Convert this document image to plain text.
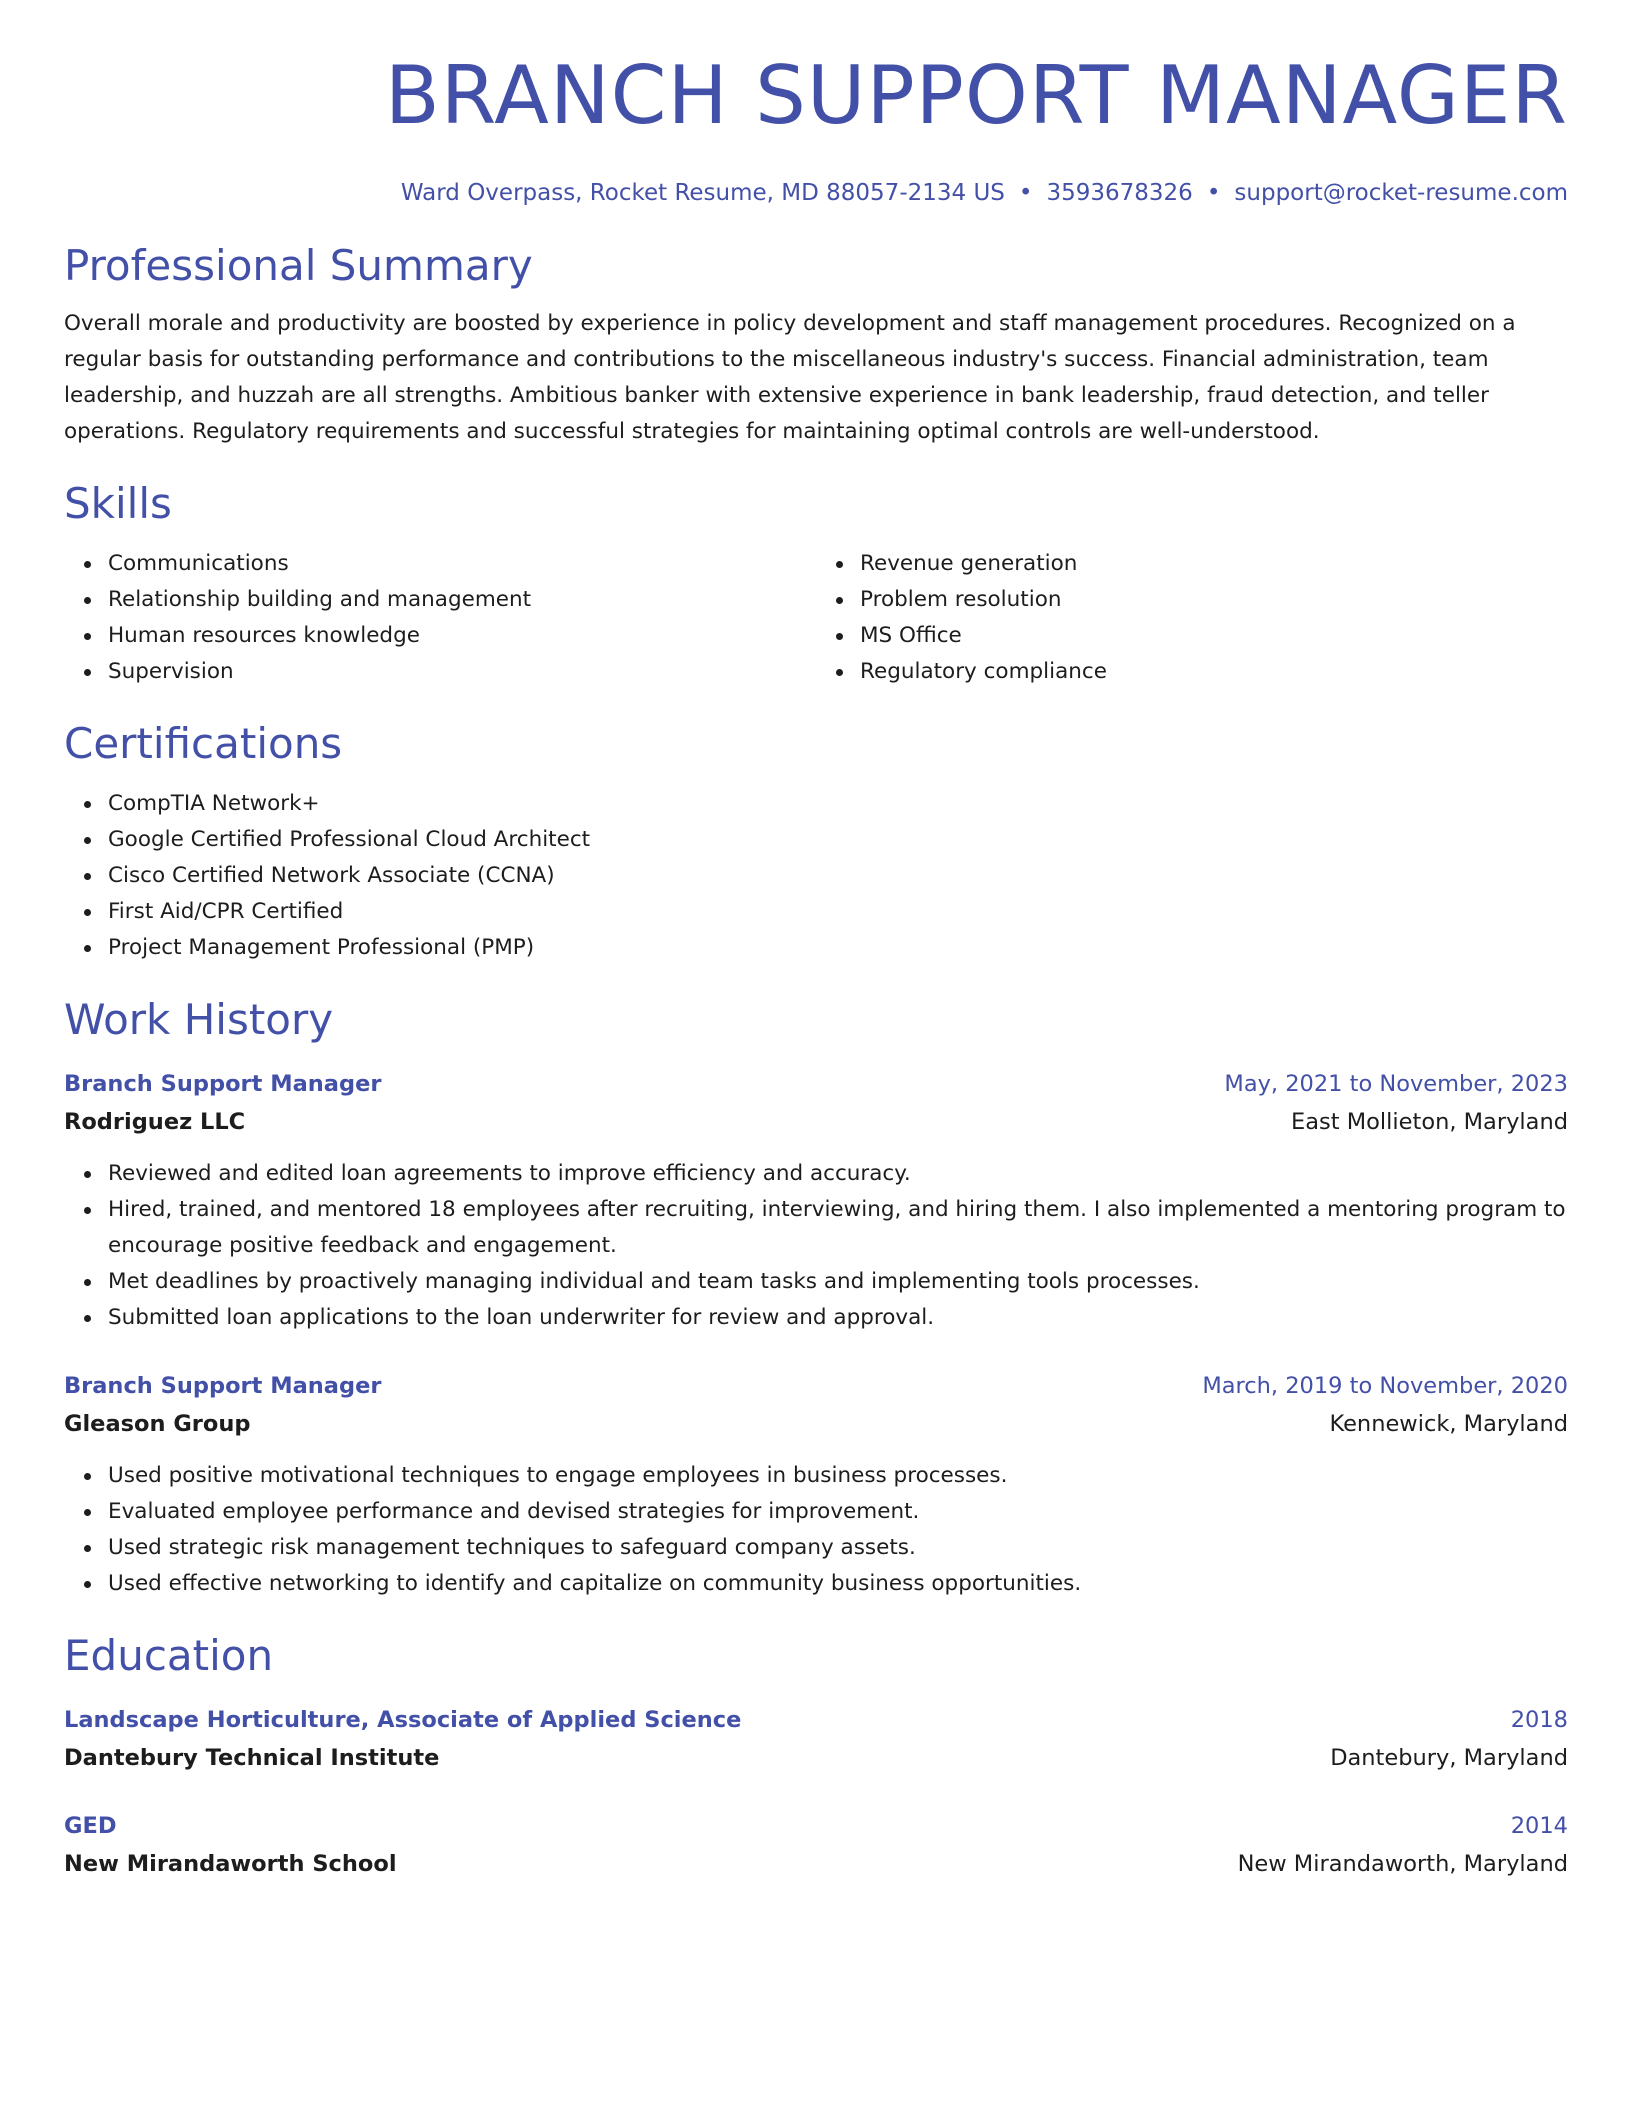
BRANCH SUPPORT MANAGER
Ward Overpass, Rocket Resume, MD 88057-2134 US • 3593678326 • support@rocket-resume.com
Professional Summary
Overall morale and productivity are boosted by experience in policy development and staff management procedures. Recognized on a regular basis for outstanding performance and contributions to the miscellaneous industry's success. Financial administration, team leadership, and huzzah are all strengths. Ambitious banker with extensive experience in bank leadership, fraud detection, and teller operations. Regulatory requirements and successful strategies for maintaining optimal controls are well-understood.
Skills
Communications
Relationship building and management
Human resources knowledge
Supervision
Revenue generation
Problem resolution
MS Office
Regulatory compliance
Certifications
CompTIA Network+
Google Certified Professional Cloud Architect
Cisco Certified Network Associate (CCNA)
First Aid/CPR Certified
Project Management Professional (PMP)
Work History
Branch Support Manager	May, 2021 to November, 2023
Rodriguez LLC	East Mollieton, Maryland
Reviewed and edited loan agreements to improve efficiency and accuracy.
Hired, trained, and mentored 18 employees after recruiting, interviewing, and hiring them. I also implemented a mentoring program to encourage positive feedback and engagement.
Met deadlines by proactively managing individual and team tasks and implementing tools processes.
Submitted loan applications to the loan underwriter for review and approval.
Branch Support Manager	March, 2019 to November, 2020
Gleason Group	Kennewick, Maryland
Used positive motivational techniques to engage employees in business processes.
Evaluated employee performance and devised strategies for improvement.
Used strategic risk management techniques to safeguard company assets.
Used effective networking to identify and capitalize on community business opportunities.
Education
Landscape Horticulture, Associate of Applied Science	2018
Dantebury Technical Institute	Dantebury, Maryland
GED	2014
New Mirandaworth School	New Mirandaworth, Maryland
